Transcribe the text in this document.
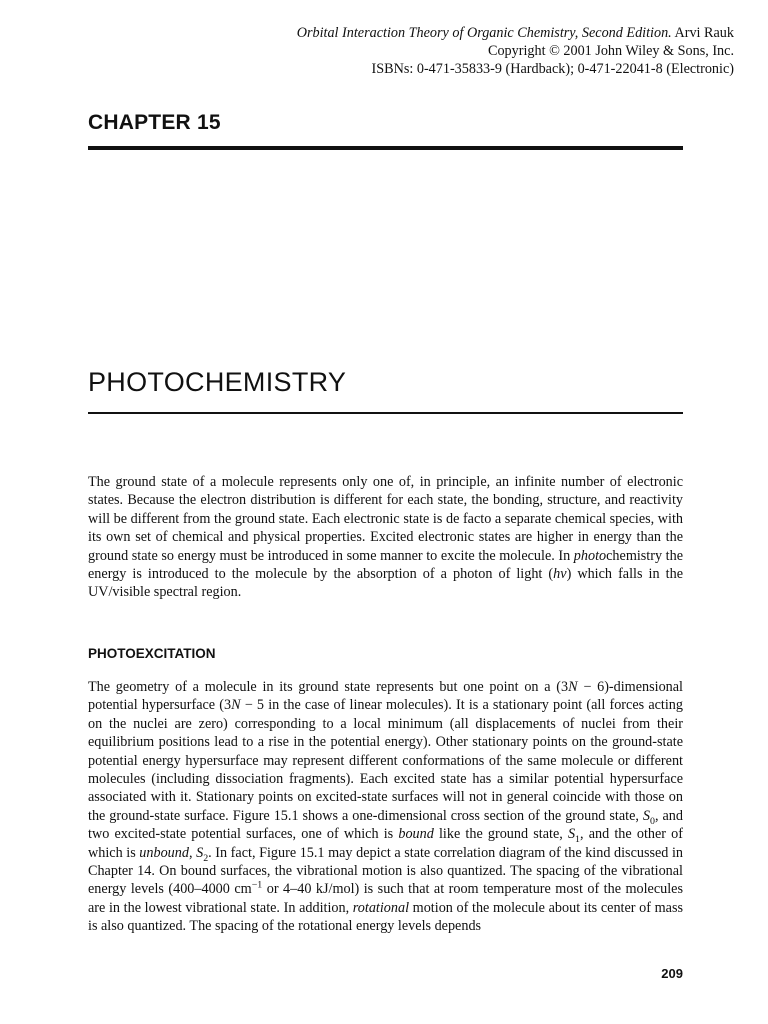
Orbital Interaction Theory of Organic Chemistry, Second Edition. Arvi Rauk
Copyright © 2001 John Wiley & Sons, Inc.
ISBNs: 0-471-35833-9 (Hardback); 0-471-22041-8 (Electronic)
CHAPTER 15
PHOTOCHEMISTRY
The ground state of a molecule represents only one of, in principle, an infinite number of electronic states. Because the electron distribution is different for each state, the bonding, structure, and reactivity will be different from the ground state. Each electronic state is de facto a separate chemical species, with its own set of chemical and physical properties. Excited electronic states are higher in energy than the ground state so energy must be introduced in some manner to excite the molecule. In photochemistry the energy is introduced to the molecule by the absorption of a photon of light (hv) which falls in the UV/visible spectral region.
PHOTOEXCITATION
The geometry of a molecule in its ground state represents but one point on a (3N − 6)-dimensional potential hypersurface (3N − 5 in the case of linear molecules). It is a stationary point (all forces acting on the nuclei are zero) corresponding to a local minimum (all displacements of nuclei from their equilibrium positions lead to a rise in the potential energy). Other stationary points on the ground-state potential energy hypersurface may represent different conformations of the same molecule or different molecules (including dissociation fragments). Each excited state has a similar potential hypersurface associated with it. Stationary points on excited-state surfaces will not in general coincide with those on the ground-state surface. Figure 15.1 shows a one-dimensional cross section of the ground state, $S_0$, and two excited-state potential surfaces, one of which is bound like the ground state, $S_1$, and the other of which is unbound, $S_2$. In fact, Figure 15.1 may depict a state correlation diagram of the kind discussed in Chapter 14. On bound surfaces, the vibrational motion is also quantized. The spacing of the vibrational energy levels (400–4000 $cm^{-1}$ or 4–40 kJ/mol) is such that at room temperature most of the molecules are in the lowest vibrational state. In addition, rotational motion of the molecule about its center of mass is also quantized. The spacing of the rotational energy levels depends
209
